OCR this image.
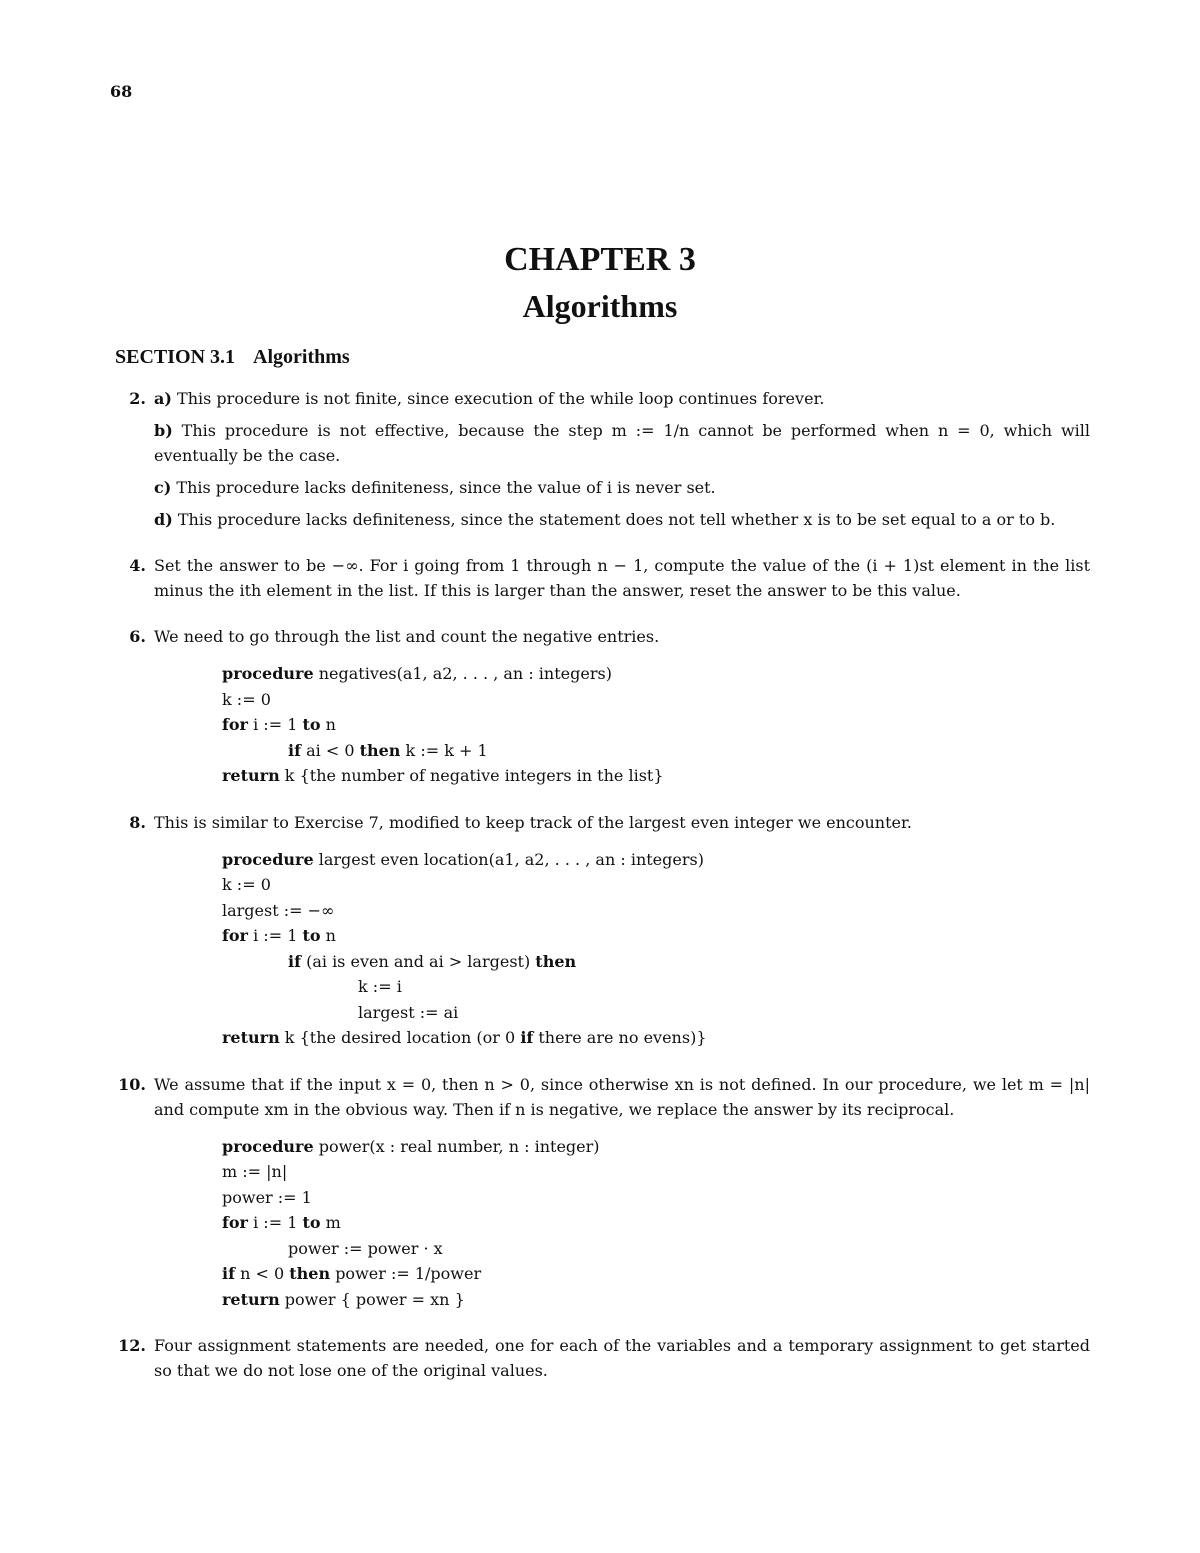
68
CHAPTER 3
Algorithms
SECTION 3.1 Algorithms
2. a) This procedure is not finite, since execution of the while loop continues forever.

b) This procedure is not effective, because the step m := 1/n cannot be performed when n = 0, which will eventually be the case.

c) This procedure lacks definiteness, since the value of i is never set.

d) This procedure lacks definiteness, since the statement does not tell whether x is to be set equal to a or to b.

4. Set the answer to be −∞. For i going from 1 through n − 1, compute the value of the (i + 1)st element in the list minus the ith element in the list. If this is larger than the answer, reset the answer to be this value.

6. We need to go through the list and count the negative entries.

procedure negatives(a1, a2, . . . , an : integers)
k := 0
for i := 1 to n
if ai < 0 then k := k + 1
return k {the number of negative integers in the list}
8. This is similar to Exercise 7, modified to keep track of the largest even integer we encounter.

procedure largest even location(a1, a2, . . . , an : integers)
k := 0
largest := −∞
for i := 1 to n
if (ai is even and ai > largest) then
k := i
largest := ai
return k {the desired location (or 0 if there are no evens)}
10. We assume that if the input x = 0, then n > 0, since otherwise xn is not defined. In our procedure, we let m = |n| and compute xm in the obvious way. Then if n is negative, we replace the answer by its reciprocal.

procedure power(x : real number, n : integer)
m := |n|
power := 1
for i := 1 to m
power := power · x
if n < 0 then power := 1/power
return power { power = xn }
12. Four assignment statements are needed, one for each of the variables and a temporary assignment to get started so that we do not lose one of the original values.
